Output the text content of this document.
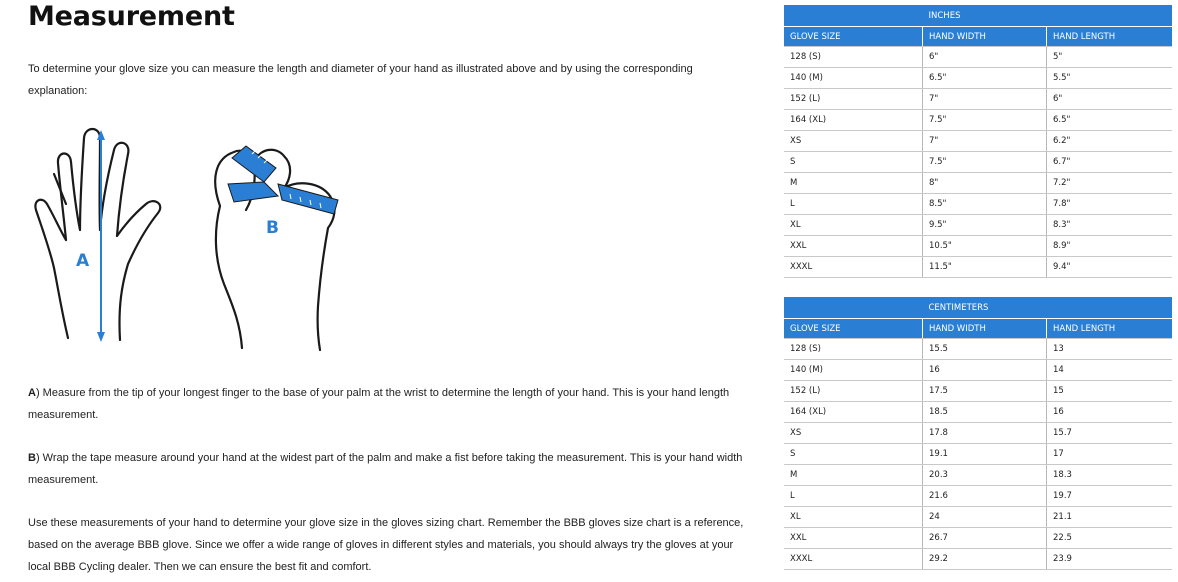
Measurement

To determine your glove size you can measure the length and diameter of your hand as illustrated above and by using the corresponding explanation:

A
B

A) Measure from the tip of your longest finger to the base of your palm at the wrist to determine the length of your hand. This is your hand length measurement.

B) Wrap the tape measure around your hand at the widest part of the palm and make a fist before taking the measurement. This is your hand width measurement.

Use these measurements of your hand to determine your glove size in the gloves sizing chart. Remember the BBB gloves size chart is a reference, based on the average BBB glove. Since we offer a wide range of gloves in different styles and materials, you should always try the gloves at your local BBB Cycling dealer. Then we can ensure the best fit and comfort.

	INCHES	
GLOVE SIZE	HAND WIDTH	HAND LENGTH
128 (S)	6"	5"
140 (M)	6.5"	5.5"
152 (L)	7"	6"
164 (XL)	7.5"	6.5"
XS	7"	6.2"
S	7.5"	6.7"
M	8"	7.2"
L	8.5"	7.8"
XL	9.5"	8.3"
XXL	10.5"	8.9"
XXXL	11.5"	9.4"
	CENTIMETERS	
GLOVE SIZE	HAND WIDTH	HAND LENGTH
128 (S)	15.5	13
140 (M)	16	14
152 (L)	17.5	15
164 (XL)	18.5	16
XS	17.8	15.7
S	19.1	17
M	20.3	18.3
L	21.6	19.7
XL	24	21.1
XXL	26.7	22.5
XXXL	29.2	23.9
